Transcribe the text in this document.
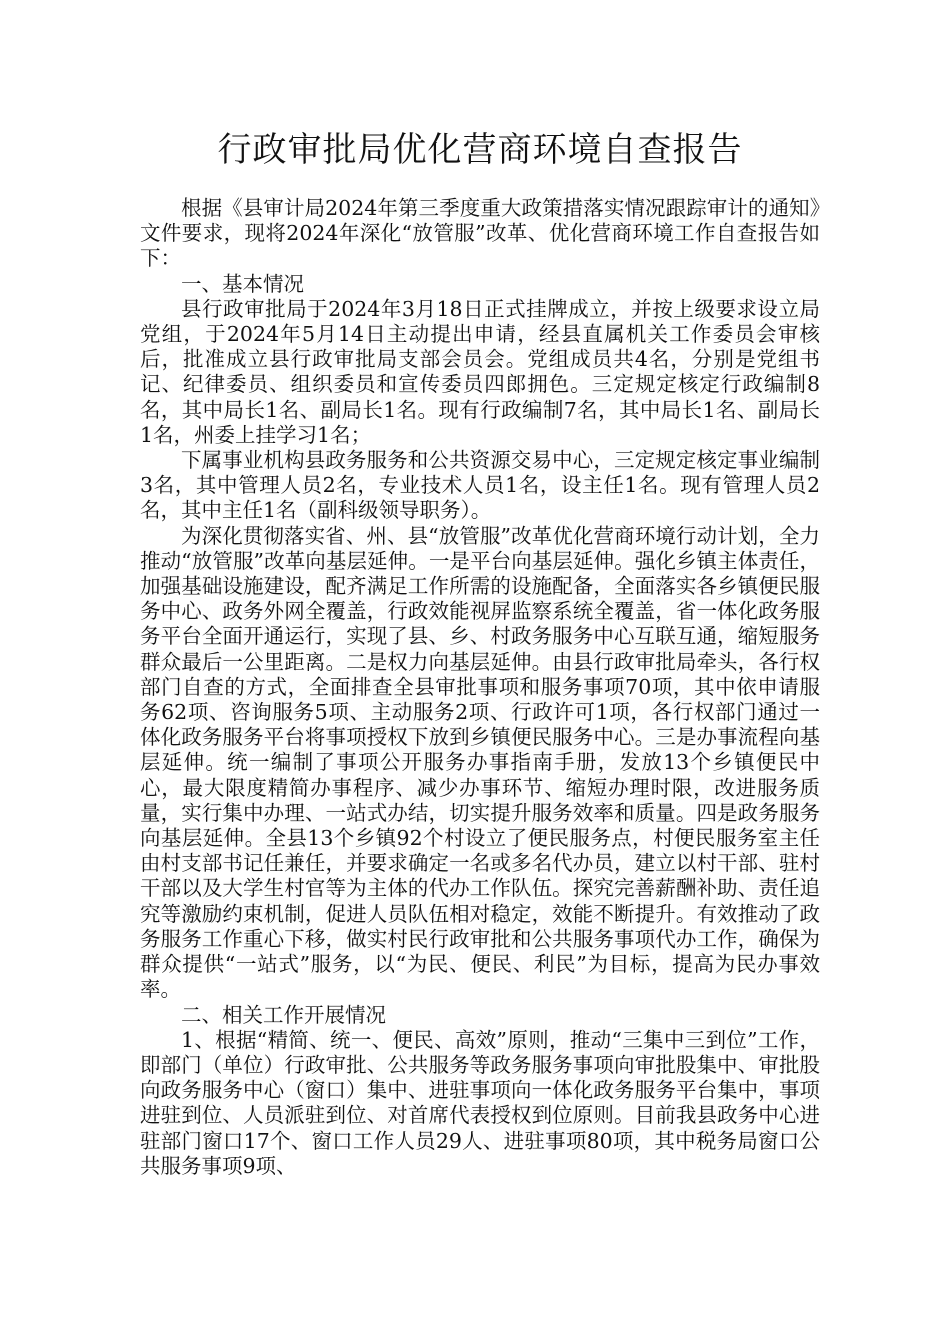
行政审批局优化营商环境自查报告

根据《县审计局2024年第三季度重大政策措落实情况跟踪审计的通知》文件要求，现将2024年深化“放管服”改革、优化营商环境工作自查报告如下：

一、基本情况

县行政审批局于2024年3月18日正式挂牌成立，并按上级要求设立局党组，于2024年5月14日主动提出申请，经县直属机关工作委员会审核后，批准成立县行政审批局支部会员会。党组成员共4名，分别是党组书记、纪律委员、组织委员和宣传委员四郎拥色。三定规定核定行政编制8名，其中局长1名、副局长1名。现有行政编制7名，其中局长1名、副局长1名，州委上挂学习1名；

下属事业机构县政务服务和公共资源交易中心，三定规定核定事业编制3名，其中管理人员2名，专业技术人员1名，设主任1名。现有管理人员2名，其中主任1名（副科级领导职务）。

为深化贯彻落实省、州、县“放管服”改革优化营商环境行动计划，全力推动“放管服”改革向基层延伸。一是平台向基层延伸。强化乡镇主体责任，加强基础设施建设，配齐满足工作所需的设施配备，全面落实各乡镇便民服务中心、政务外网全覆盖，行政效能视屏监察系统全覆盖，省一体化政务服务平台全面开通运行，实现了县、乡、村政务服务中心互联互通，缩短服务群众最后一公里距离。二是权力向基层延伸。由县行政审批局牵头，各行权部门自查的方式，全面排查全县审批事项和服务事项70项，其中依申请服务62项、咨询服务5项、主动服务2项、行政许可1项，各行权部门通过一体化政务服务平台将事项授权下放到乡镇便民服务中心。三是办事流程向基层延伸。统一编制了事项公开服务办事指南手册，发放13个乡镇便民中心，最大限度精简办事程序、减少办事环节、缩短办理时限，改进服务质量，实行集中办理、一站式办结，切实提升服务效率和质量。四是政务服务向基层延伸。全县13个乡镇92个村设立了便民服务点，村便民服务室主任由村支部书记任兼任，并要求确定一名或多名代办员，建立以村干部、驻村干部以及大学生村官等为主体的代办工作队伍。探究完善薪酬补助、责任追究等激励约束机制，促进人员队伍相对稳定，效能不断提升。有效推动了政务服务工作重心下移，做实村民行政审批和公共服务事项代办工作，确保为群众提供“一站式”服务，以“为民、便民、利民”为目标，提高为民办事效率。

二、相关工作开展情况

1、根据“精简、统一、便民、高效”原则，推动“三集中三到位”工作，即部门（单位）行政审批、公共服务等政务服务事项向审批股集中、审批股向政务服务中心（窗口）集中、进驻事项向一体化政务服务平台集中，事项进驻到位、人员派驻到位、对首席代表授权到位原则。目前我县政务中心进驻部门窗口17个、窗口工作人员29人、进驻事项80项，其中税务局窗口公共服务事项9项、
